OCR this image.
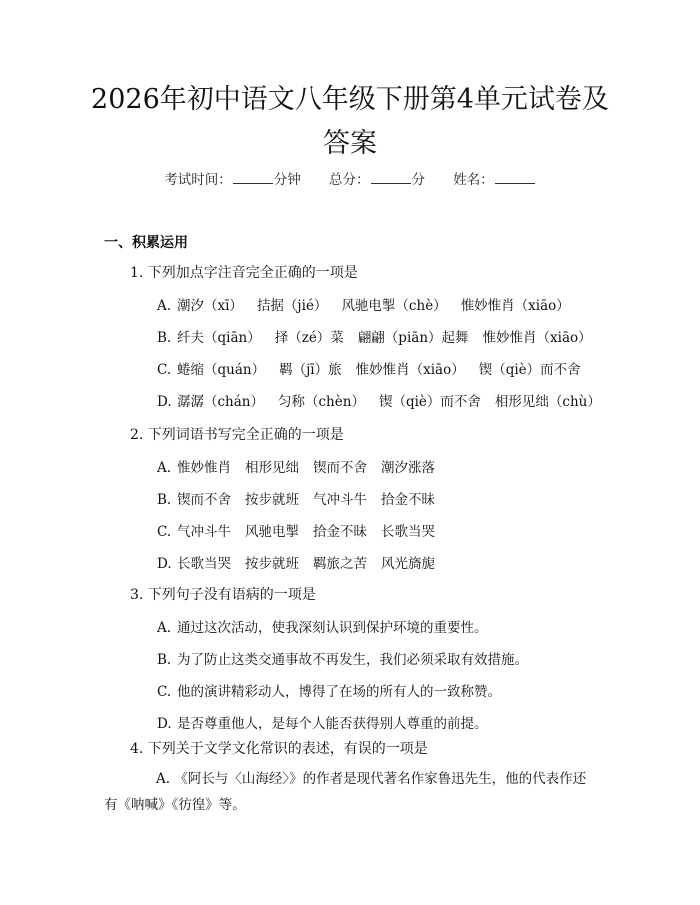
2026年初中语文八年级下册第4单元试卷及答案
考试时间：	分钟 总分：	分 姓名：
一、积累运用
1. 下列加点字注音完全正确的一项是
A. 潮汐（xī） 拮据（jié） 风驰电掣（chè） 惟妙惟肖（xiāo）
B. 纤夫（qiān） 择（zé）菜 翩翩（piān）起舞 惟妙惟肖（xiāo）
C. 蜷缩（quán） 羁（jī）旅 惟妙惟肖（xiāo） 锲（qiè）而不舍
D. 潺潺（chán） 匀称（chèn） 锲（qiè）而不舍 相形见绌（chù）
2. 下列词语书写完全正确的一项是
A. 惟妙惟肖 相形见绌 锲而不舍 潮汐涨落
B. 锲而不舍 按步就班 气冲斗牛 拾金不昧
C. 气冲斗牛 风驰电掣 拾金不昧 长歌当哭
D. 长歌当哭 按步就班 羁旅之苦 风光旖旎
3. 下列句子没有语病的一项是
A. 通过这次活动，使我深刻认识到保护环境的重要性。
B. 为了防止这类交通事故不再发生，我们必须采取有效措施。
C. 他的演讲精彩动人，博得了在场的所有人的一致称赞。
D. 是否尊重他人，是每个人能否获得别人尊重的前提。
4. 下列关于文学文化常识的表述，有误的一项是
A. 《阿长与〈山海经〉》的作者是现代著名作家鲁迅先生，他的代表作还有《呐喊》《彷徨》等。
